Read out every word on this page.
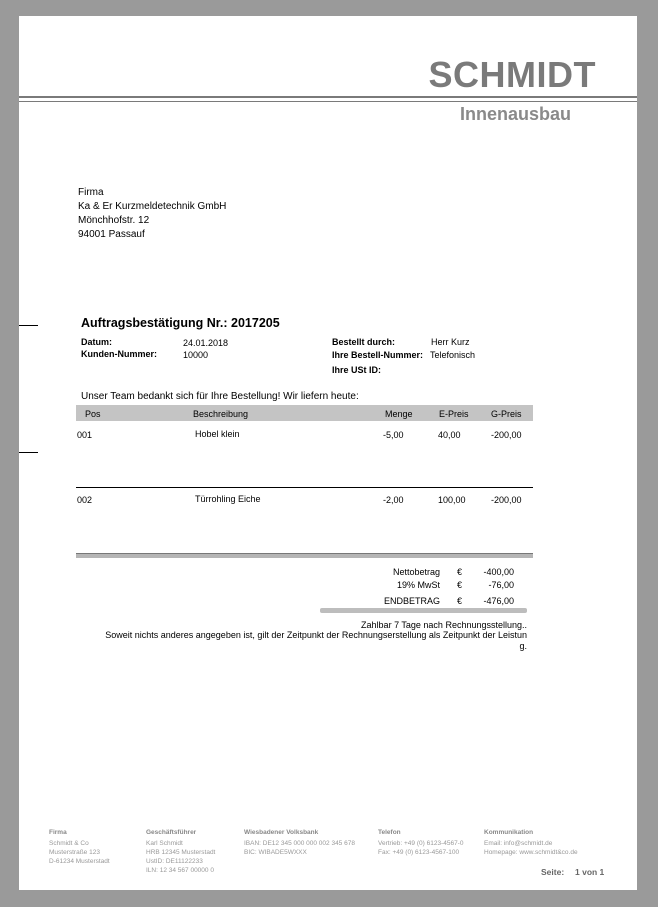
SCHMIDT
Innenausbau
Firma
Ka & Er Kurzmeldetechnik GmbH
Mönchhofstr. 12
94001 Passauf
Auftragsbestätigung Nr.: 2017205
Datum:	24.01.2018
Kunden-Nummer:	10000
Bestellt durch:	Herr Kurz
Ihre Bestell-Nummer: Telefonisch
Ihre USt ID:
Unser Team bedankt sich für Ihre Bestellung! Wir liefern heute:
Pos	Beschreibung	Menge	E-Preis G-Preis
001	Hobel klein	-5,00	40,00	-200,00
002	Türrohling Eiche	-2,00	100,00	-200,00
Nettobetrag € -400,00
19% MwSt €	-76,00
ENDBETRAG € -476,00
Zahlbar 7 Tage nach Rechnungsstellung..
Soweit nichts anderes angegeben ist, gilt der Zeitpunkt der Rechnungserstellung als Zeitpunkt der Leistun
g.
Firma
Schmidt & Co
Musterstraße 123
D-61234 Musterstadt
Geschäftsführer
Karl Schmidt
HRB 12345 Musterstadt
UstID: DE11122233
ILN: 12 34 567 00000 0
Wiesbadener Volksbank
IBAN: DE12 345 000 000 002 345 678
BIC: WIBADE5WXXX
Telefon
Vertrieb: +49 (0) 6123-4567-0
Fax: +49 (0) 6123-4567-100
Kommunikation
Email: info@schmidt.de
Homepage: www.schmidt&co.de
Seite: 1 von 1
